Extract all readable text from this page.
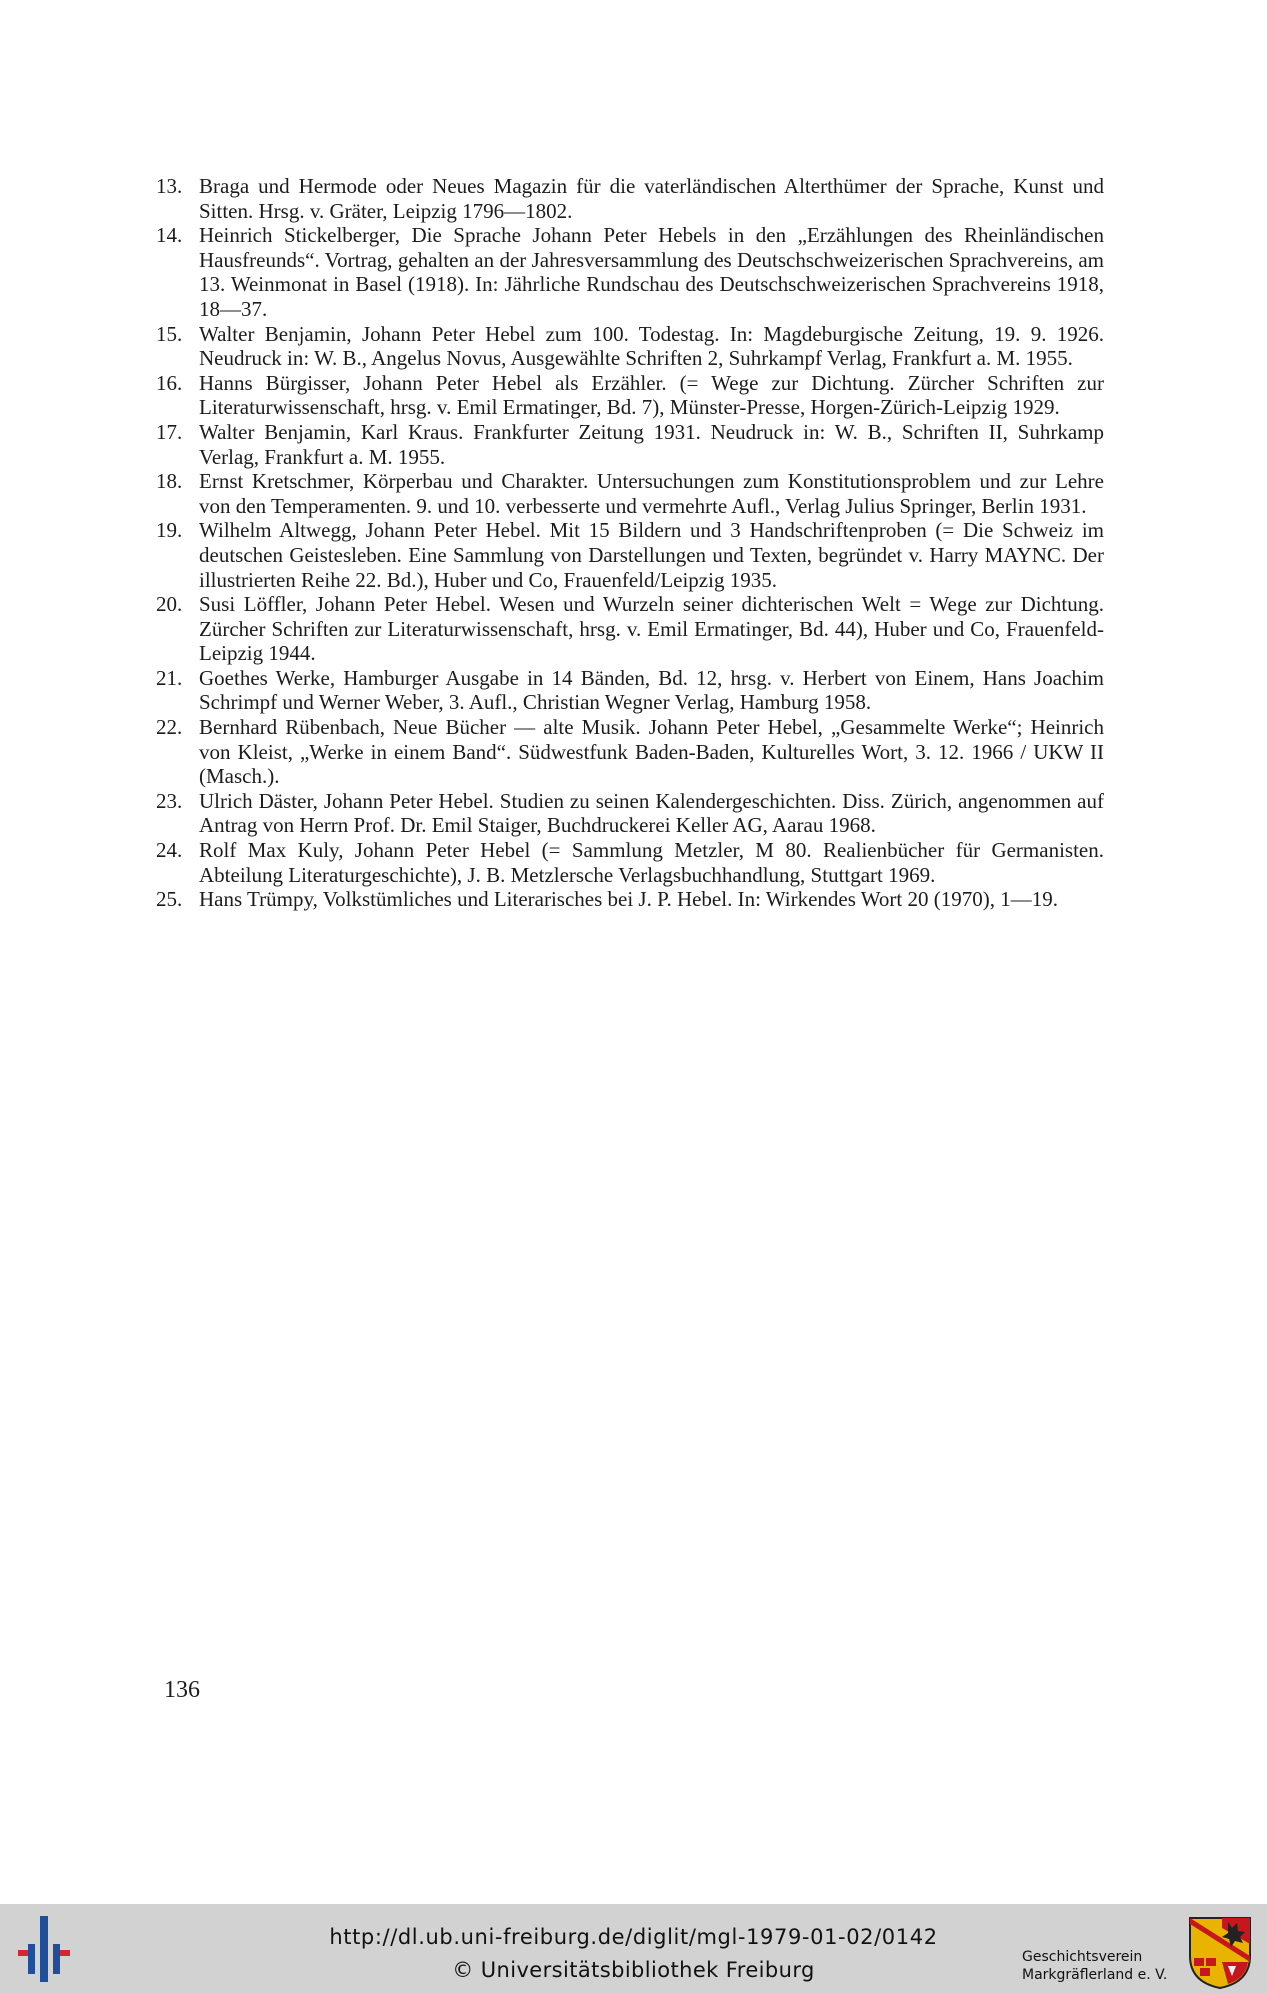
13. Braga und Hermode oder Neues Magazin für die vaterländischen Alterthümer der Sprache, Kunst und Sitten. Hrsg. v. Gräter, Leipzig 1796—1802.
14. Heinrich Stickelberger, Die Sprache Johann Peter Hebels in den „Erzählungen des Rheinländischen Hausfreunds“. Vortrag, gehalten an der Jahresversammlung des Deutschschweizerischen Sprachvereins, am 13. Weinmonat in Basel (1918). In: Jährliche Rundschau des Deutschschweizerischen Sprachvereins 1918, 18—37.
15. Walter Benjamin, Johann Peter Hebel zum 100. Todestag. In: Magdeburgische Zeitung, 19. 9. 1926. Neudruck in: W. B., Angelus Novus, Ausgewählte Schriften 2, Suhrkampf Verlag, Frankfurt a. M. 1955.
16. Hanns Bürgisser, Johann Peter Hebel als Erzähler. (= Wege zur Dichtung. Zürcher Schriften zur Literaturwissenschaft, hrsg. v. Emil Ermatinger, Bd. 7), Münster-Presse, Horgen-Zürich-Leipzig 1929.
17. Walter Benjamin, Karl Kraus. Frankfurter Zeitung 1931. Neudruck in: W. B., Schriften II, Suhrkamp Verlag, Frankfurt a. M. 1955.
18. Ernst Kretschmer, Körperbau und Charakter. Untersuchungen zum Konstitutionsproblem und zur Lehre von den Temperamenten. 9. und 10. verbesserte und vermehrte Aufl., Verlag Julius Springer, Berlin 1931.
19. Wilhelm Altwegg, Johann Peter Hebel. Mit 15 Bildern und 3 Handschriftenproben (= Die Schweiz im deutschen Geistesleben. Eine Sammlung von Darstellungen und Texten, begründet v. Harry MAYNC. Der illustrierten Reihe 22. Bd.), Huber und Co, Frauenfeld/Leipzig 1935.
20. Susi Löffler, Johann Peter Hebel. Wesen und Wurzeln seiner dichterischen Welt = Wege zur Dichtung. Zürcher Schriften zur Literaturwissenschaft, hrsg. v. Emil Ermatinger, Bd. 44), Huber und Co, Frauenfeld-Leipzig 1944.
21. Goethes Werke, Hamburger Ausgabe in 14 Bänden, Bd. 12, hrsg. v. Herbert von Einem, Hans Joachim Schrimpf und Werner Weber, 3. Aufl., Christian Wegner Verlag, Hamburg 1958.
22. Bernhard Rübenbach, Neue Bücher — alte Musik. Johann Peter Hebel, „Gesammelte Werke“; Heinrich von Kleist, „Werke in einem Band“. Südwestfunk Baden-Baden, Kulturelles Wort, 3. 12. 1966 / UKW II (Masch.).
23. Ulrich Däster, Johann Peter Hebel. Studien zu seinen Kalendergeschichten. Diss. Zürich, angenommen auf Antrag von Herrn Prof. Dr. Emil Staiger, Buchdruckerei Keller AG, Aarau 1968.
24. Rolf Max Kuly, Johann Peter Hebel (= Sammlung Metzler, M 80. Realienbücher für Germanisten. Abteilung Literaturgeschichte), J. B. Metzlersche Verlagsbuchhandlung, Stuttgart 1969.
25. Hans Trümpy, Volkstümliches und Literarisches bei J. P. Hebel. In: Wirkendes Wort 20 (1970), 1—19.
136
http://dl.ub.uni-freiburg.de/diglit/mgl-1979-01-02/0142
© Universitätsbibliothek Freiburg
Geschichtsverein
Markgräflerland e. V.
